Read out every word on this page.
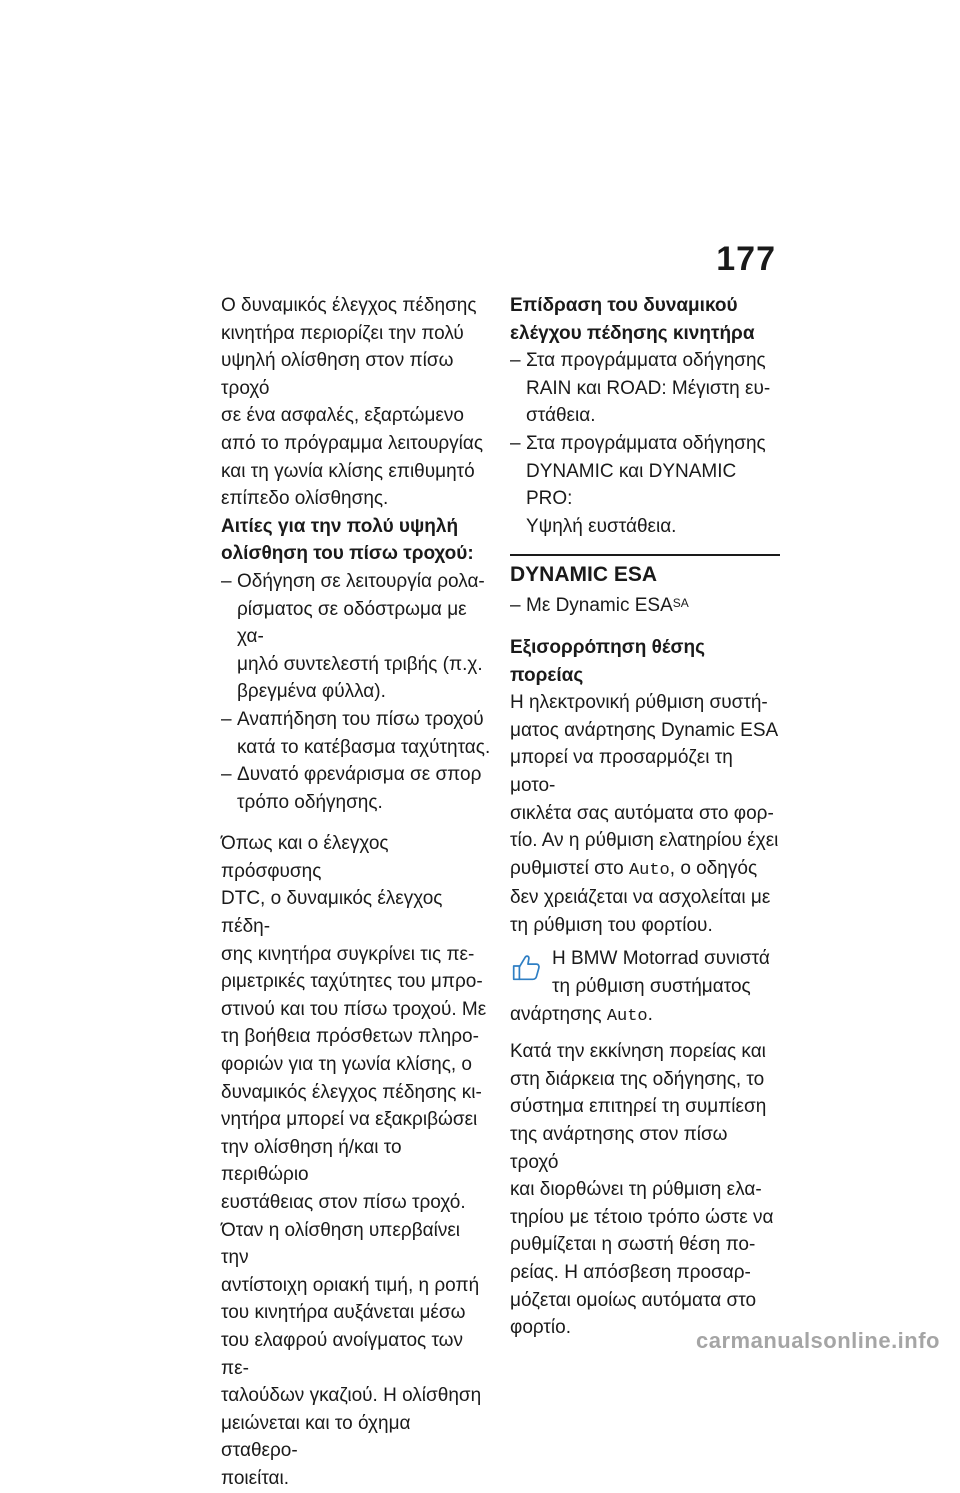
177

Ο δυναμικός έλεγχος πέδησης

κινητήρα περιορίζει την πολύ

υψηλή ολίσθηση στον πίσω τροχό

σε ένα ασφαλές, εξαρτώμενο

από το πρόγραμμα λειτουργίας

και τη γωνία κλίσης επιθυμητό

επίπεδο ολίσθησης.

Αιτίες για την πολύ υψηλή

ολίσθηση του πίσω τροχού:

– Οδήγηση σε λειτουργία ρολα-

ρίσματος σε οδόστρωμα με χα-

μηλό συντελεστή τριβής (π.χ.

βρεγμένα φύλλα).

– Αναπήδηση του πίσω τροχού

κατά το κατέβασμα ταχύτητας.

– Δυνατό φρενάρισμα σε σπορ

τρόπο οδήγησης.

Όπως και ο έλεγχος πρόσφυσης

DTC, ο δυναμικός έλεγχος πέδη-

σης κινητήρα συγκρίνει τις πε-

ριμετρικές ταχύτητες του μπρο-

στινού και του πίσω τροχού. Με

τη βοήθεια πρόσθετων πληρο-

φοριών για τη γωνία κλίσης, ο

δυναμικός έλεγχος πέδησης κι-

νητήρα μπορεί να εξακριβώσει

την ολίσθηση ή/και το περιθώριο

ευστάθειας στον πίσω τροχό.

Όταν η ολίσθηση υπερβαίνει την

αντίστοιχη οριακή τιμή, η ροπή

του κινητήρα αυξάνεται μέσω

του ελαφρού ανοίγματος των πε-

ταλούδων γκαζιού. Η ολίσθηση

μειώνεται και το όχημα σταθερο-

ποιείται.

Επίδραση του δυναμικού

ελέγχου πέδησης κινητήρα

– Στα προγράμματα οδήγησης

RAIN και ROAD: Μέγιστη ευ-

στάθεια.

– Στα προγράμματα οδήγησης

DYNAMIC και DYNAMIC PRO:

Υψηλή ευστάθεια.

DYNAMIC ESA

– Με Dynamic $ESA^{SA}$

Εξισορρόπηση θέσης

πορείας

Η ηλεκτρονική ρύθμιση συστή-

ματος ανάρτησης Dynamic ESA

μπορεί να προσαρμόζει τη μοτο-

σικλέτα σας αυτόματα στο φορ-

τίο. Αν η ρύθμιση ελατηρίου έχει

ρυθμιστεί στο Auto, ο οδηγός

δεν χρειάζεται να ασχολείται με

τη ρύθμιση του φορτίου.

Η BMW Motorrad συνιστά

τη ρύθμιση συστήματος

ανάρτησης Auto.

Κατά την εκκίνηση πορείας και

στη διάρκεια της οδήγησης, το

σύστημα επιτηρεί τη συμπίεση

της ανάρτησης στον πίσω τροχό

και διορθώνει τη ρύθμιση ελα-

τηρίου με τέτοιο τρόπο ώστε να

ρυθμίζεται η σωστή θέση πο-

ρείας. Η απόσβεση προσαρ-

μόζεται ομοίως αυτόματα στο

φορτίο.

carmanualsonline.info
